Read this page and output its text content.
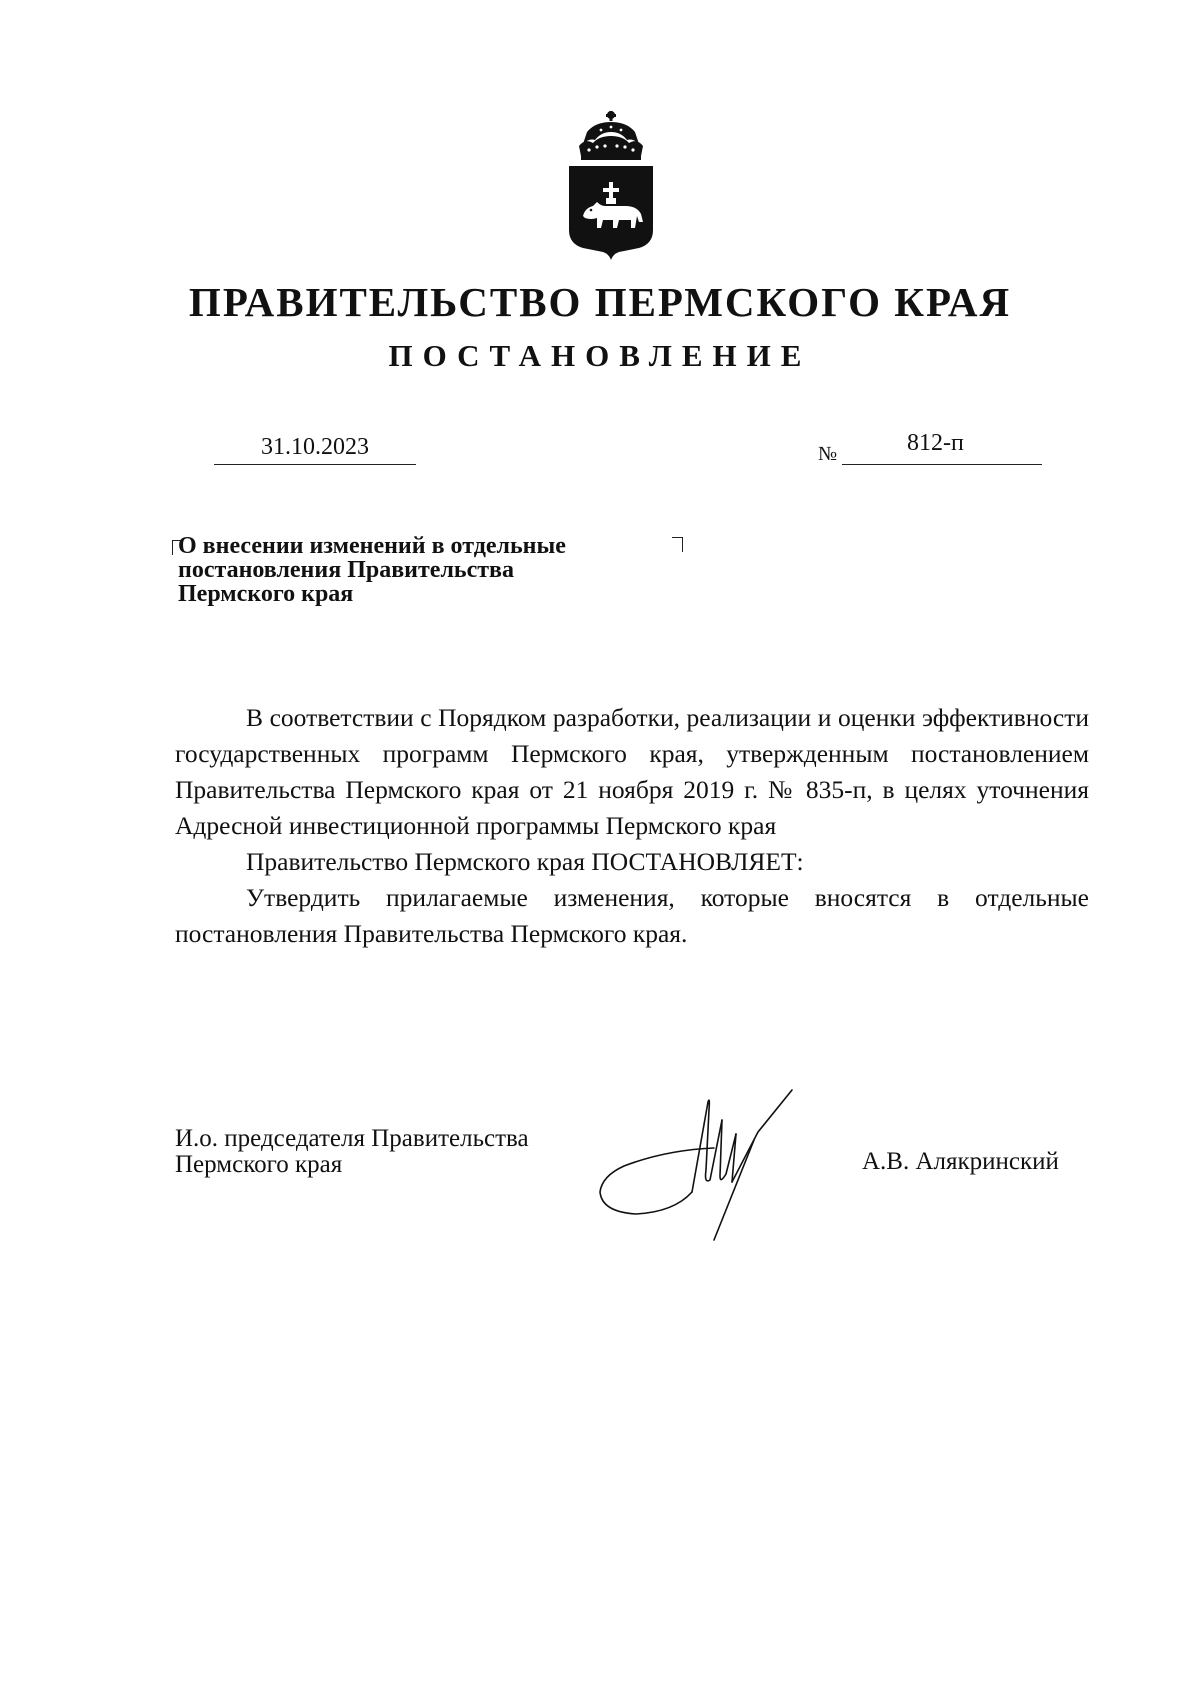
ПРАВИТЕЛЬСТВО ПЕРМСКОГО КРАЯ
ПОСТАНОВЛЕНИЕ
31.10.2023	№	812-п
О внесении изменений в отдельные
постановления Правительства
Пермского края

В соответствии с Порядком разработки, реализации и оценки эффективности государственных программ Пермского края, утвержденным постановлением Правительства Пермского края от 21 ноября 2019 г. № 835-п, в целях уточнения Адресной инвестиционной программы Пермского края

Правительство Пермского края ПОСТАНОВЛЯЕТ:

Утвердить прилагаемые изменения, которые вносятся в отдельные постановления Правительства Пермского края.

И.о. председателя Правительства
Пермского края	А.В. Алякринский
